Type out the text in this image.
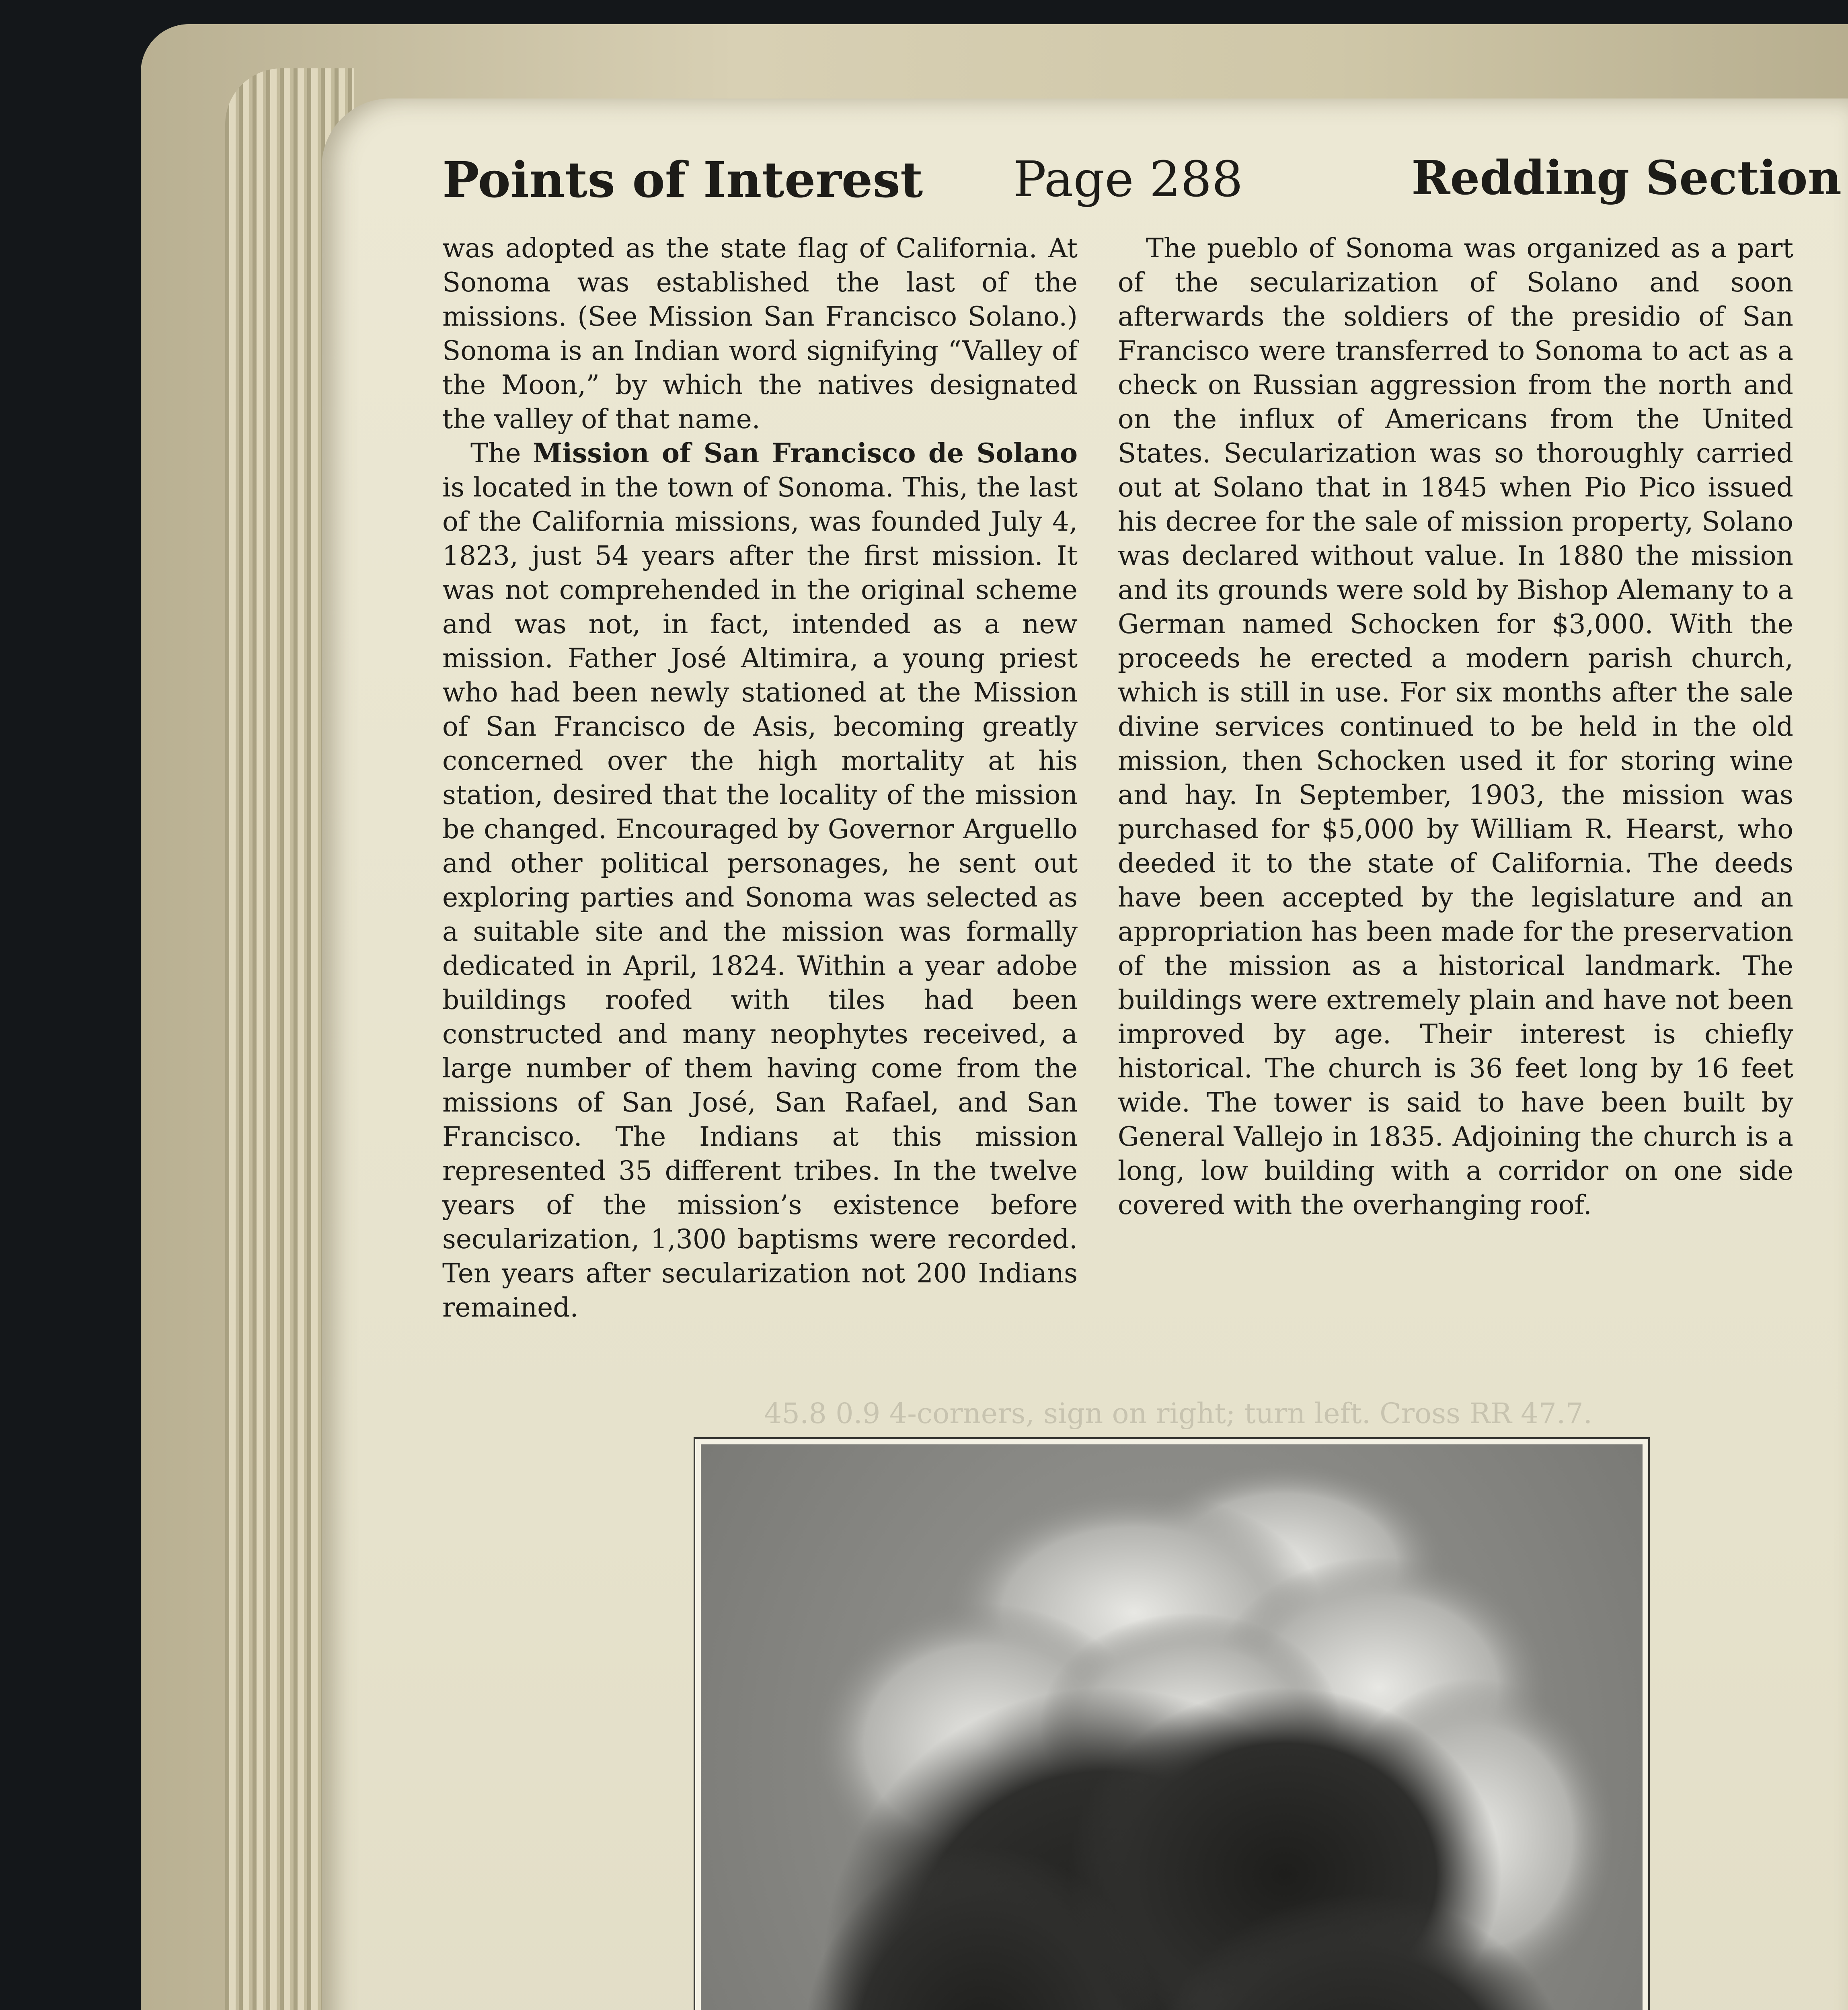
Points of Interest Page 288	Redding Section

was adopted as the state flag of California. At Sonoma was established the last of the missions. (See Mission San Francisco Solano.) Sonoma is an Indian word signifying “Valley of the Moon,” by which the natives designated the valley of that name.

The Mission of San Francisco de Solano is located in the town of Sonoma. This, the last of the California missions, was founded July 4, 1823, just 54 years after the first mission. It was not comprehended in the original scheme and was not, in fact, intended as a new mission. Father José Altimira, a young priest who had been newly stationed at the Mission of San Francisco de Asis, becoming greatly concerned over the high mortality at his station, desired that the locality of the mission be changed. Encouraged by Governor Arguello and other political personages, he sent out exploring parties and Sonoma was selected as a suitable site and the mission was formally dedicated in April, 1824. Within a year adobe buildings roofed with tiles had been constructed and many neophytes received, a large number of them having come from the missions of San José, San Rafael, and San Francisco. The Indians at this mission represented 35 different tribes. In the twelve years of the mission’s existence before secularization, 1,300 baptisms were recorded. Ten years after secularization not 200 Indians remained.

The pueblo of Sonoma was organized as a part of the secularization of Solano and soon afterwards the soldiers of the presidio of San Francisco were transferred to Sonoma to act as a check on Russian aggression from the north and on the influx of Americans from the United States. Secularization was so thoroughly carried out at Solano that in 1845 when Pio Pico issued his decree for the sale of mission property, Solano was declared without value. In 1880 the mission and its grounds were sold by Bishop Alemany to a German named Schocken for $3,000. With the proceeds he erected a modern parish church, which is still in use. For six months after the sale divine services continued to be held in the old mission, then Schocken used it for storing wine and hay. In September, 1903, the mission was purchased for $5,000 by William R. Hearst, who deeded it to the state of California. The deeds have been accepted by the legislature and an appropriation has been made for the preservation of the mission as a historical landmark. The buildings were extremely plain and have not been improved by age. Their interest is chiefly historical. The church is 36 feet long by 16 feet wide. The tower is said to have been built by General Vallejo in 1835. Adjoining the church is a long, low building with a corridor on one side covered with the overhanging roof.

45.8 0.9 4-corners, sign on right; turn left. Cross RR 47.7.
